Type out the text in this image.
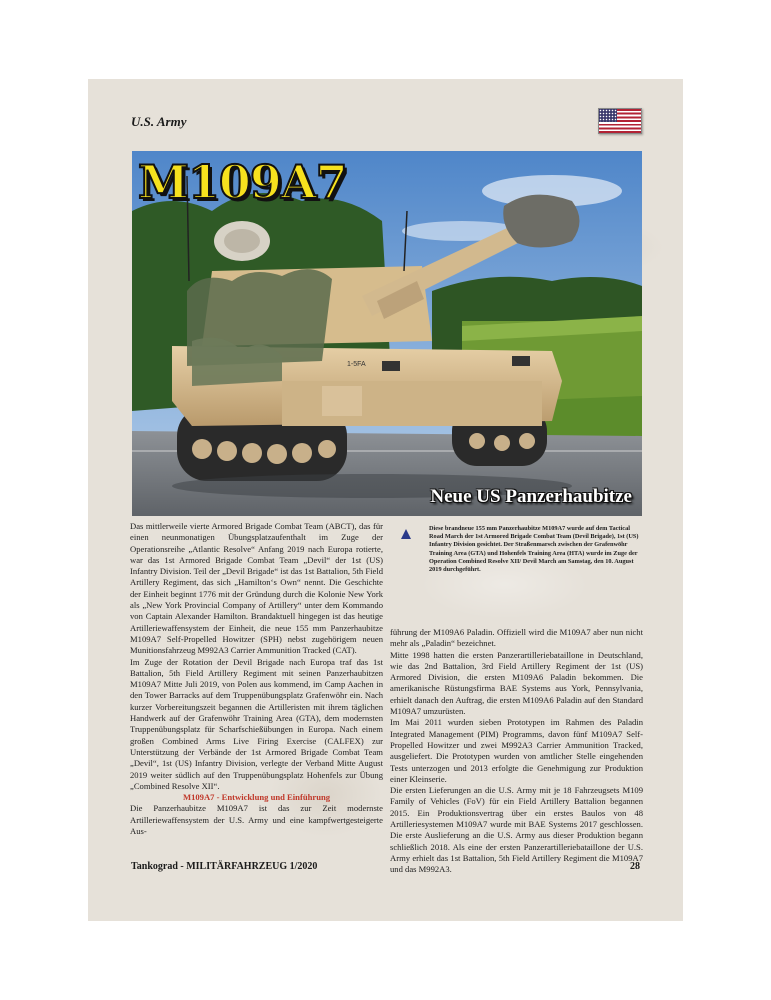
U.S. Army
1-5FA
M109A7
Neue US Panzerhaubitze

Das mittlerweile vierte Armored Brigade Combat Team (ABCT), das für einen neunmonatigen Übungsplatzaufenthalt im Zuge der Operationsreihe „Atlantic Resolve“ Anfang 2019 nach Europa rotierte, war das 1st Armored Brigade Combat Team „Devil“ der 1st (US) Infantry Division. Teil der „Devil Brigade“ ist das 1st Battalion, 5th Field Artillery Regiment, das sich „Hamilton‘s Own“ nennt. Die Geschichte der Einheit beginnt 1776 mit der Gründung durch die Kolonie New York als „New York Provincial Company of Artillery“ unter dem Kommando von Captain Alexander Hamilton. Brandaktuell hingegen ist das heutige Artilleriewaffensystem der Einheit, die neue 155 mm Panzerhaubitze M109A7 Self-Propelled Howitzer (SPH) nebst zugehörigem neuen Munitionsfahrzeug M992A3 Carrier Ammunition Tracked (CAT).

Im Zuge der Rotation der Devil Brigade nach Europa traf das 1st Battalion, 5th Field Artillery Regiment mit seinen Panzerhaubitzen M109A7 Mitte Juli 2019, von Polen aus kommend, im Camp Aachen in den Tower Barracks auf dem Truppenübungsplatz Grafenwöhr ein. Nach kurzer Vorbereitungszeit begannen die Artilleristen mit ihrem täglichen Handwerk auf der Grafenwöhr Training Area (GTA), dem modernsten Truppenübungsplatz für Scharfschießübungen in Europa. Nach einem großen Combined Arms Live Firing Exercise (CALFEX) zur Unterstützung der Verbände der 1st Armored Brigade Combat Team „Devil“, 1st (US) Infantry Division, verlegte der Verband Mitte August 2019 weiter südlich auf den Truppenübungsplatz Hohenfels zur Übung „Combined Resolve XII“.

M109A7 - Entwicklung und Einführung

Die Panzerhaubitze M109A7 ist das zur Zeit modernste Artilleriewaffensystem der U.S. Army und eine kampfwertgesteigerte Aus-

Diese brandneue 155 mm Panzerhaubitze M109A7 wurde auf dem Tactical Road March der 1st Armored Brigade Combat Team (Devil Brigade), 1st (US) Infantry Division gesichtet. Der Straßenmarsch zwischen der Grafenwöhr Training Area (GTA) und Hohenfels Training Area (HTA) wurde im Zuge der Operation Combined Resolve XII/ Devil March am Samstag, den 10. August 2019 durchgeführt.

führung der M109A6 Paladin. Offiziell wird die M109A7 aber nun nicht mehr als „Paladin“ bezeichnet.

Mitte 1998 hatten die ersten Panzerartilleriebataillone in Deutschland, wie das 2nd Battalion, 3rd Field Artillery Regiment der 1st (US) Armored Division, die ersten M109A6 Paladin bekommen. Die amerikanische Rüstungsfirma BAE Systems aus York, Pennsylvania, erhielt danach den Auftrag, die ersten M109A6 Paladin auf den Standard M109A7 umzurüsten.

Im Mai 2011 wurden sieben Prototypen im Rahmen des Paladin Integrated Management (PIM) Programms, davon fünf M109A7 Self-Propelled Howitzer und zwei M992A3 Carrier Ammunition Tracked, ausgeliefert. Die Prototypen wurden von amtlicher Stelle eingehenden Tests unterzogen und 2013 erfolgte die Genehmigung zur Produktion einer Kleinserie.

Die ersten Lieferungen an die U.S. Army mit je 18 Fahrzeugsets M109 Family of Vehicles (FoV) für ein Field Artillery Battalion begannen 2015. Ein Produktionsvertrag über ein erstes Baulos von 48 Artilleriesystemen M109A7 wurde mit BAE Systems 2017 geschlossen. Die erste Auslieferung an die U.S. Army aus dieser Produktion begann schließlich 2018. Als eine der ersten Panzerartilleriebataillone der U.S. Army erhielt das 1st Battalion, 5th Field Artillery Regiment die M109A7 und das M992A3.

Tankograd - MILITÄRFAHRZEUG 1/2020	28
